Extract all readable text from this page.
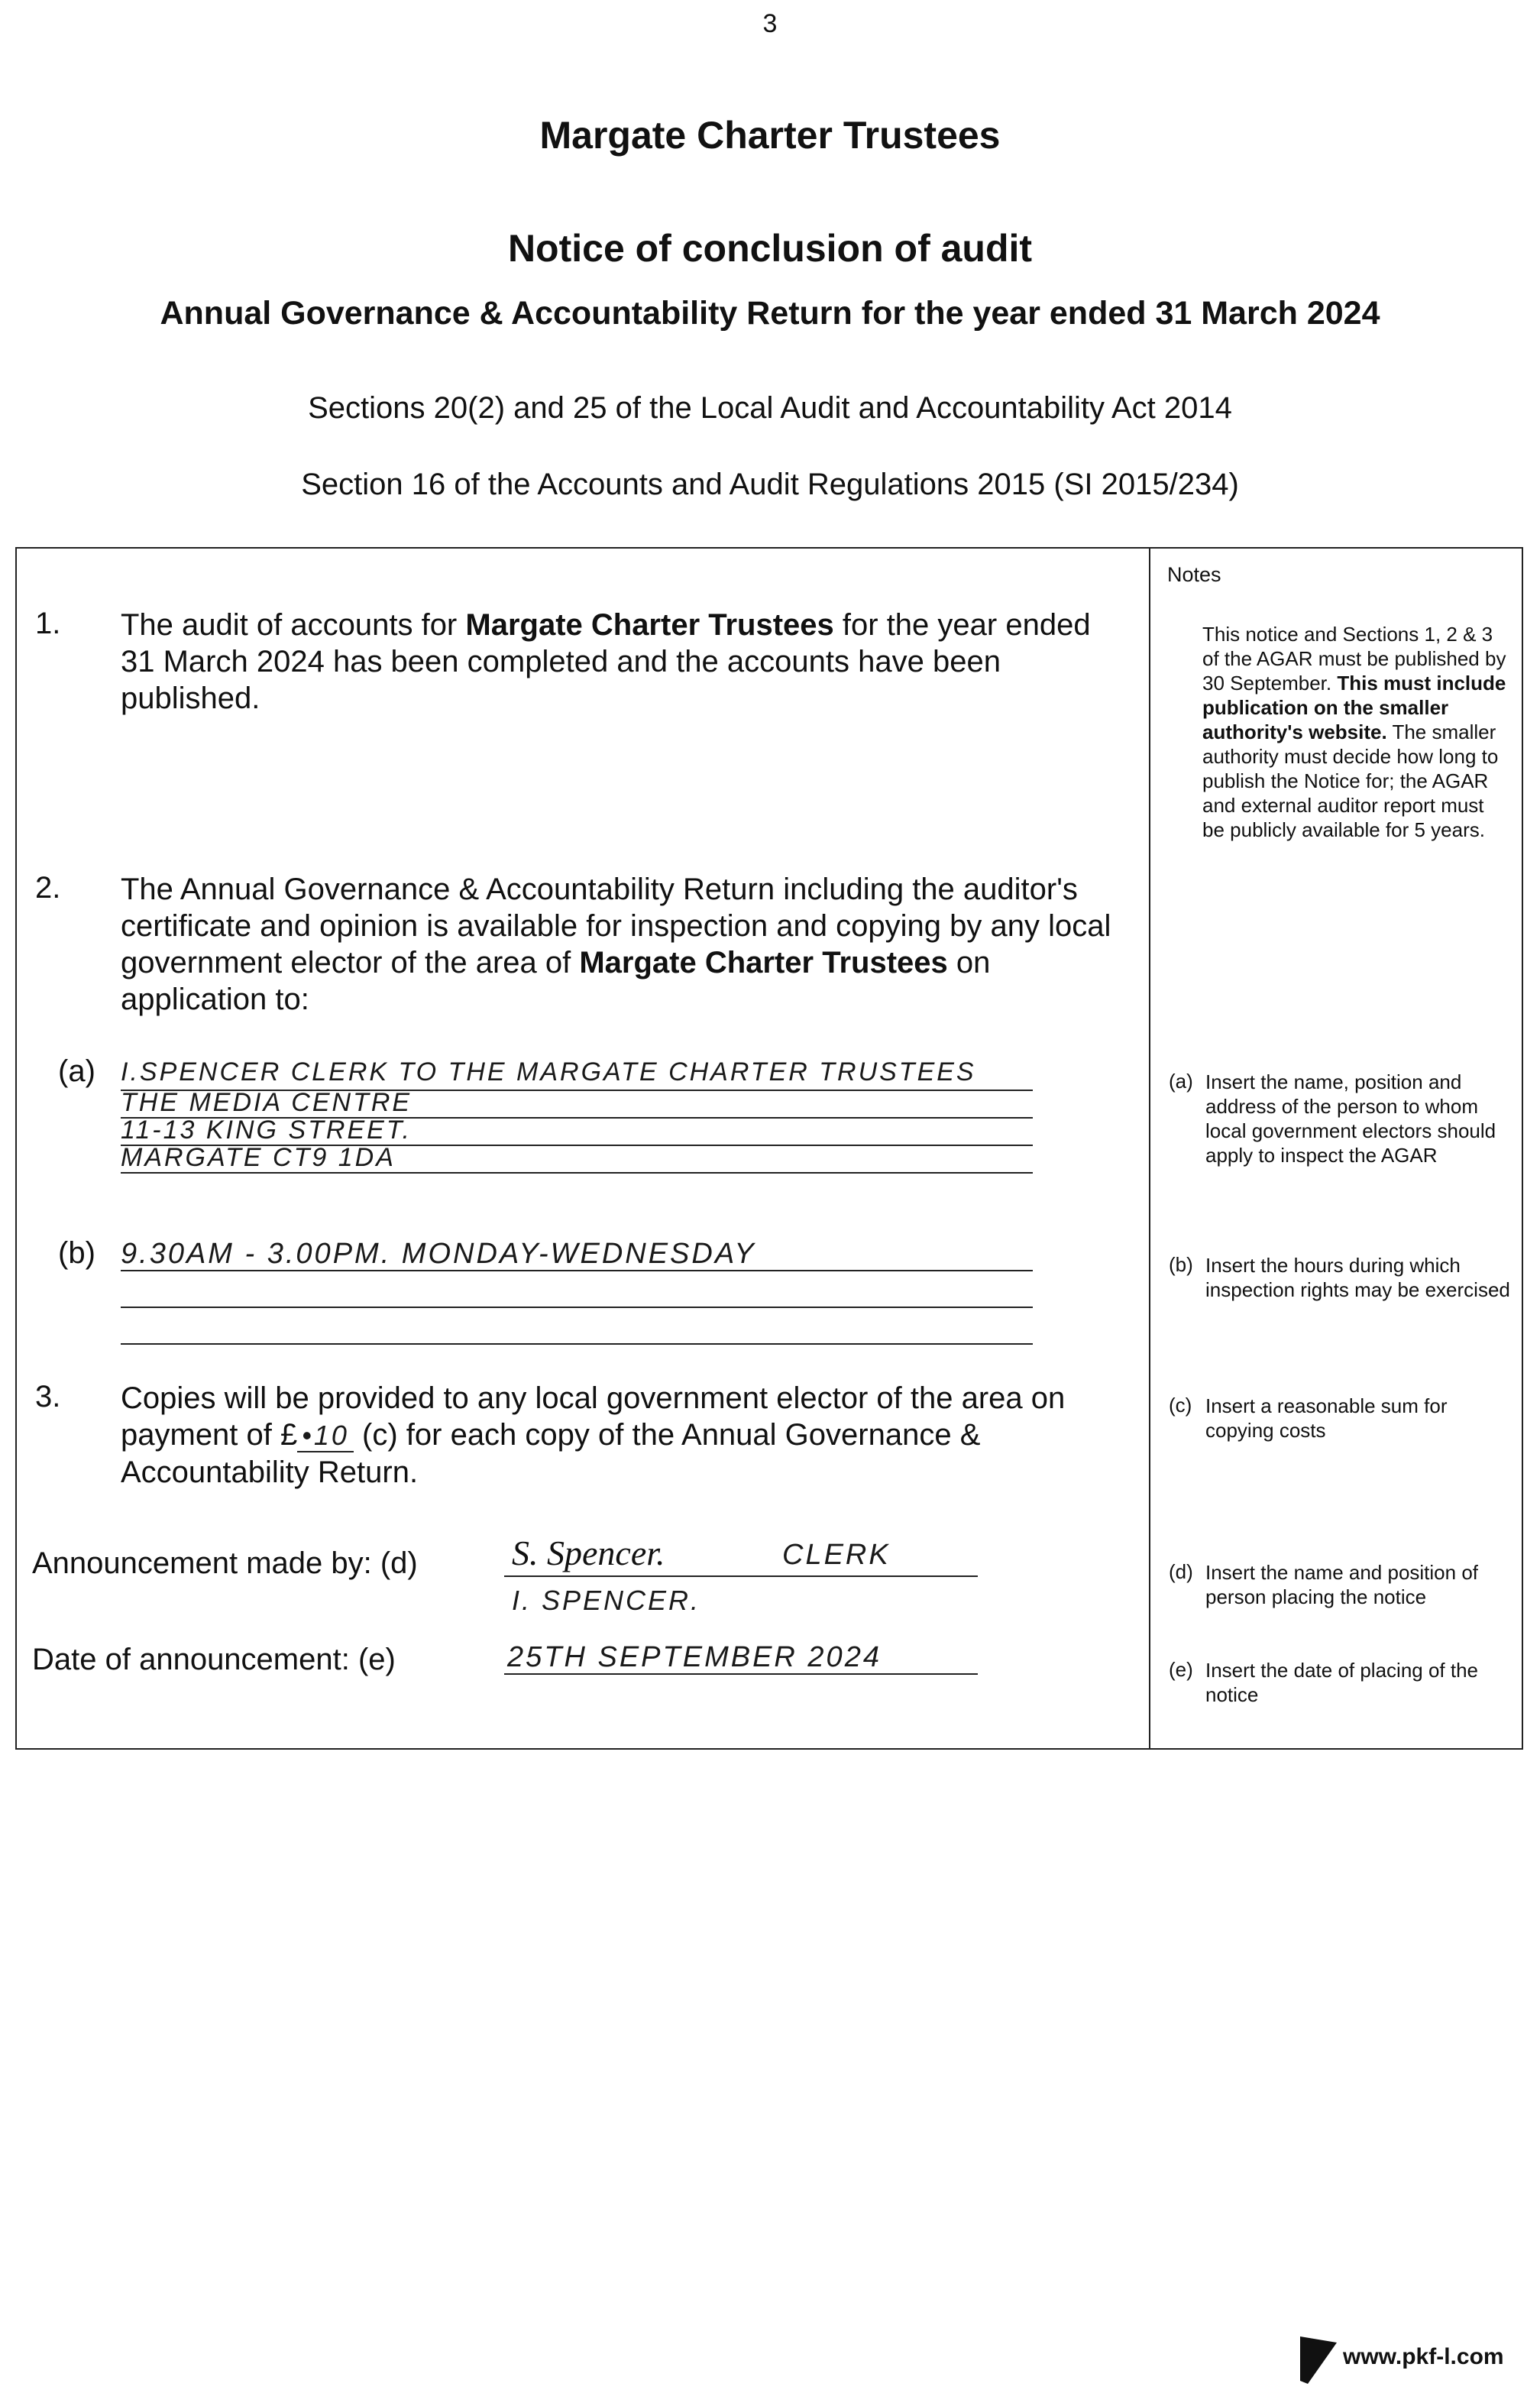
3
Margate Charter Trustees
Notice of conclusion of audit
Annual Governance & Accountability Return for the year ended 31 March 2024
Sections 20(2) and 25 of the Local Audit and Accountability Act 2014
Section 16 of the Accounts and Audit Regulations 2015 (SI 2015/234)
Notes
1. The audit of accounts for Margate Charter Trustees for the year ended 31 March 2024 has been completed and the accounts have been published.
This notice and Sections 1, 2 & 3 of the AGAR must be published by 30 September. This must include publication on the smaller authority's website. The smaller authority must decide how long to publish the Notice for; the AGAR and external auditor report must be publicly available for 5 years.
2. The Annual Governance & Accountability Return including the auditor's certificate and opinion is available for inspection and copying by any local government elector of the area of Margate Charter Trustees on application to:
(a) I.SPENCER CLERK TO THE MARGATE CHARTER TRUSTEES
THE MEDIA CENTRE
11-13 KING STREET.
MARGATE CT9 1DA
(a) Insert the name, position and address of the person to whom local government electors should apply to inspect the AGAR
(b) 9.30AM - 3.00PM. MONDAY-WEDNESDAY	(b) Insert the hours during which inspection rights may be exercised
3. Copies will be provided to any local government elector of the area on payment of £ •10 (c) for each copy of the Annual Governance & Accountability Return.
(c) Insert a reasonable sum for copying costs
Announcement made by: (d)	S. Spencer.	CLERK
I. SPENCER.
(d) Insert the name and position of person placing the notice
Date of announcement: (e)	25TH SEPTEMBER 2024	(e) Insert the date of placing of the notice
www.pkf-l.com
